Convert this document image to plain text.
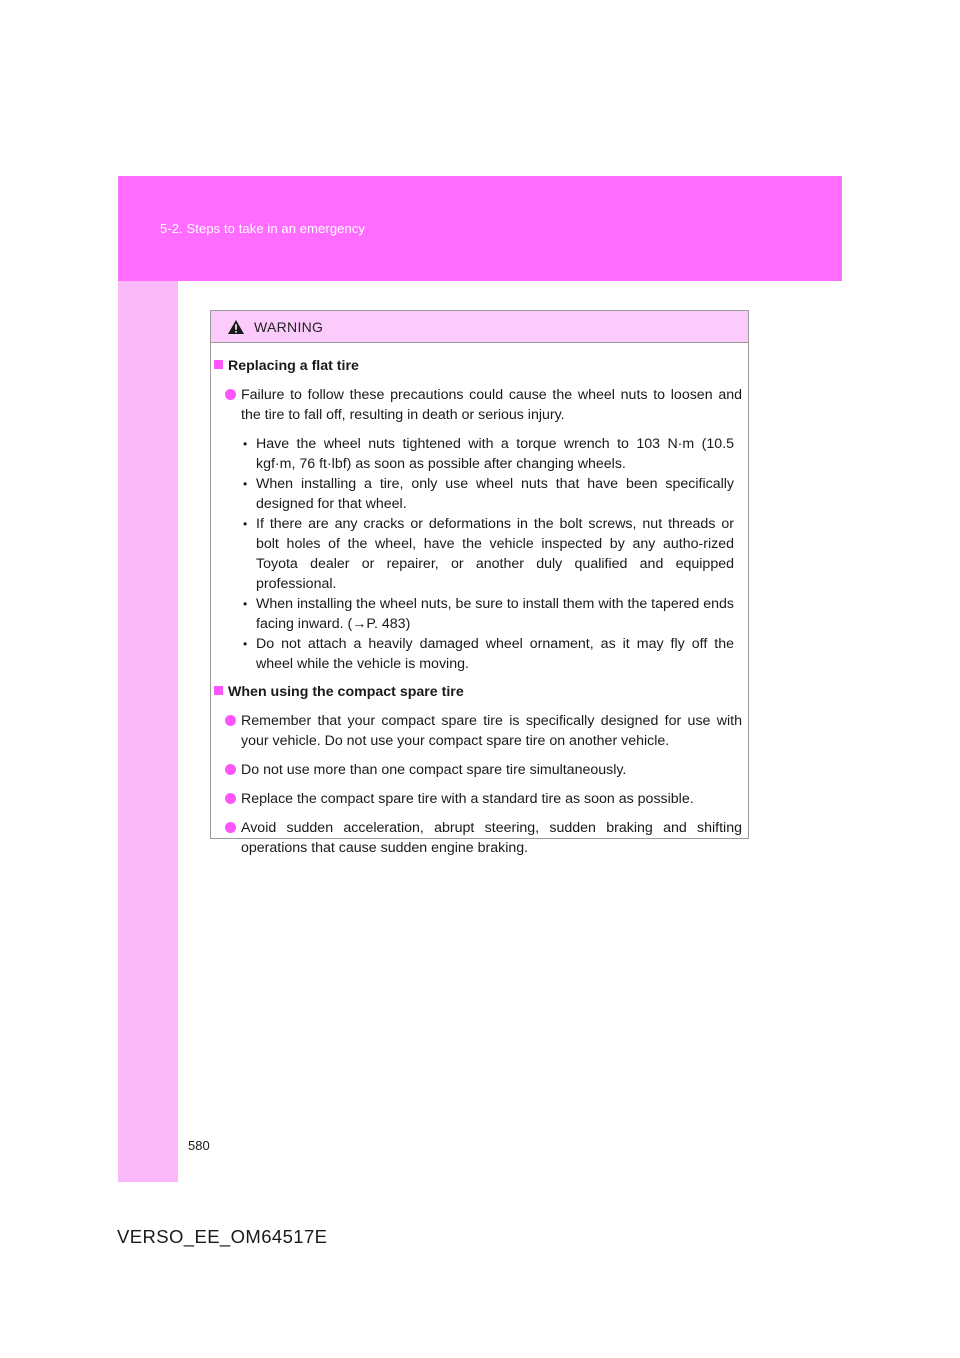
5-2. Steps to take in an emergency
WARNING
Replacing a flat tire
Failure to follow these precautions could cause the wheel nuts to loosen and the tire to fall off, resulting in death or serious injury.
• Have the wheel nuts tightened with a torque wrench to 103 N·m (10.5 kgf·m, 76 ft·lbf) as soon as possible after changing wheels.
• When installing a tire, only use wheel nuts that have been specifically designed for that wheel.
• If there are any cracks or deformations in the bolt screws, nut threads or bolt holes of the wheel, have the vehicle inspected by any autho-rized Toyota dealer or repairer, or another duly qualified and equipped professional.
• When installing the wheel nuts, be sure to install them with the tapered ends facing inward. (→P. 483)
• Do not attach a heavily damaged wheel ornament, as it may fly off the wheel while the vehicle is moving.
When using the compact spare tire
Remember that your compact spare tire is specifically designed for use with your vehicle. Do not use your compact spare tire on another vehicle.
Do not use more than one compact spare tire simultaneously.
Replace the compact spare tire with a standard tire as soon as possible.
Avoid sudden acceleration, abrupt steering, sudden braking and shifting operations that cause sudden engine braking.
580
VERSO_EE_OM64517E
